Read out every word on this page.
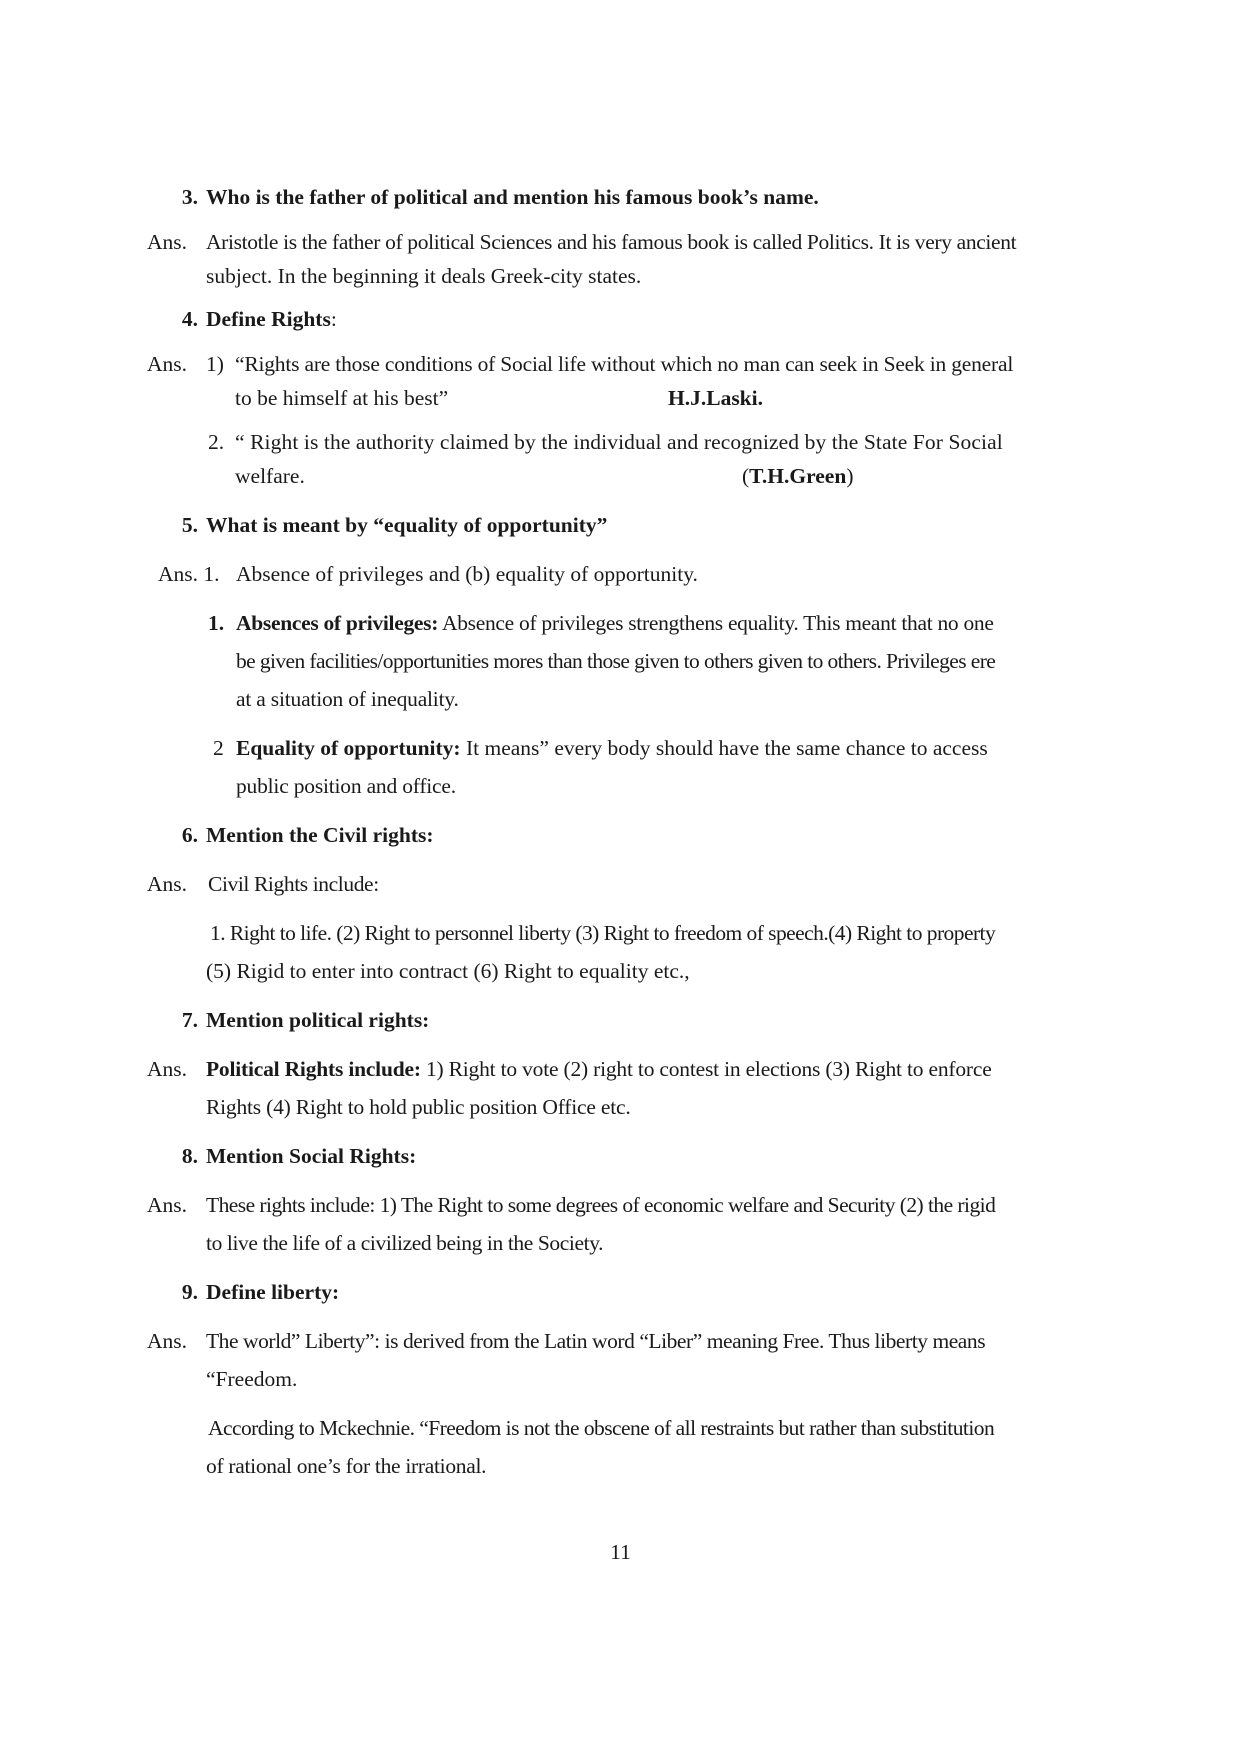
3. Who is the father of political and mention his famous book’s name.
Ans. Aristotle is the father of political Sciences and his famous book is called Politics. It is very ancient
subject. In the beginning it deals Greek-city states.
4. Define Rights:
Ans. 1) “Rights are those conditions of Social life without which no man can seek in Seek in general
to be himself at his best”	H.J.Laski.
2. “ Right is the authority claimed by the individual and recognized by the State For Social
welfare.	(T.H.Green)
5. What is meant by “equality of opportunity”
Ans. 1. Absence of privileges and (b) equality of opportunity.
1. Absences of privileges: Absence of privileges strengthens equality. This meant that no one
be given facilities/opportunities mores than those given to others given to others. Privileges ere
at a situation of inequality.
2 Equality of opportunity: It means” every body should have the same chance to access
public position and office.
6. Mention the Civil rights:
Ans. Civil Rights include:
1. Right to life. (2) Right to personnel liberty (3) Right to freedom of speech.(4) Right to property
(5) Rigid to enter into contract (6) Right to equality etc.,
7. Mention political rights:
Ans. Political Rights include: 1) Right to vote (2) right to contest in elections (3) Right to enforce
Rights (4) Right to hold public position Office etc.
8. Mention Social Rights:
Ans. These rights include: 1) The Right to some degrees of economic welfare and Security (2) the rigid
to live the life of a civilized being in the Society.
9. Define liberty:
Ans. The world” Liberty”: is derived from the Latin word “Liber” meaning Free. Thus liberty means
“Freedom.
According to Mckechnie. “Freedom is not the obscene of all restraints but rather than substitution
of rational one’s for the irrational.
11
